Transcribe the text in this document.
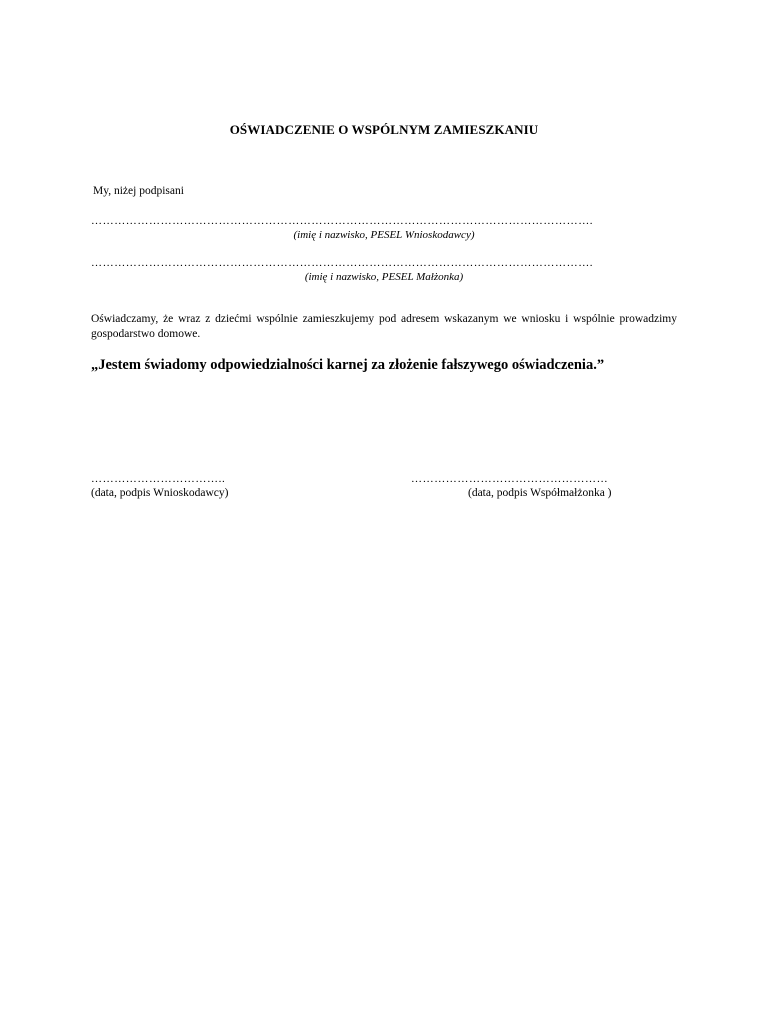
OŚWIADCZENIE O WSPÓLNYM ZAMIESZKANIU
My, niżej podpisani
………………………………………………………………………………………………………………….
(imię i nazwisko, PESEL Wnioskodawcy)
………………………………………………………………………………………………………………….
(imię i nazwisko, PESEL Małżonka)
Oświadczamy, że wraz z dziećmi wspólnie zamieszkujemy pod adresem wskazanym we wniosku i wspólnie prowadzimy gospodarstwo domowe.
„Jestem świadomy odpowiedzialności karnej za złożenie fałszywego oświadczenia.”
……………………………..	……………………………………………
(data, podpis Wnioskodawcy)	(data, podpis Współmałżonka )
